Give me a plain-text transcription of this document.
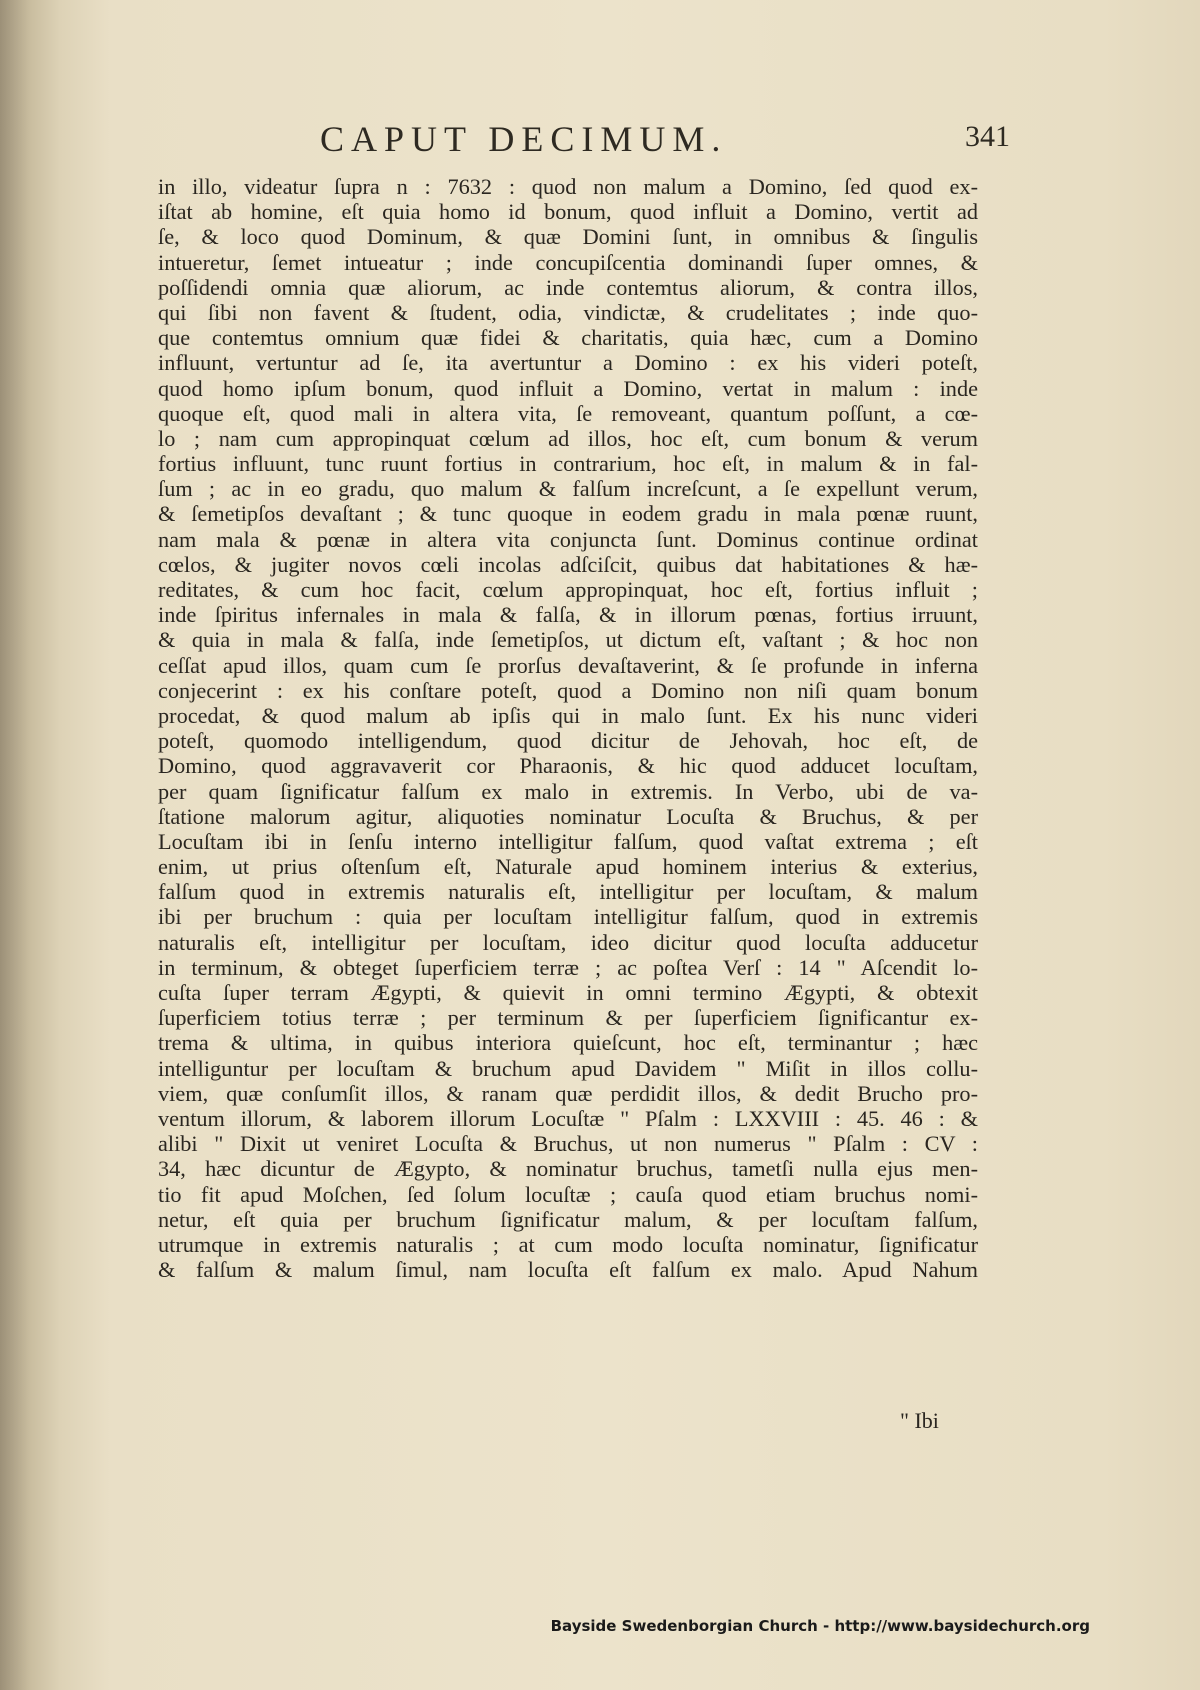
CAPUT DECIMUM.	341
in illo, videatur ſupra n : 7632 : quod non malum a Domino, ſed quod ex-
iſtat ab homine, eſt quia homo id bonum, quod influit a Domino, vertit ad
ſe, & loco quod Dominum, & quæ Domini ſunt, in omnibus & ſingulis
intueretur, ſemet intueatur ; inde concupiſcentia dominandi ſuper omnes, &
poſſidendi omnia quæ aliorum, ac inde contemtus aliorum, & contra illos,
qui ſibi non favent & ſtudent, odia, vindictæ, & crudelitates ; inde quo-
que contemtus omnium quæ fidei & charitatis, quia hæc, cum a Domino
influunt, vertuntur ad ſe, ita avertuntur a Domino : ex his videri poteſt,
quod homo ipſum bonum, quod influit a Domino, vertat in malum : inde
quoque eſt, quod mali in altera vita, ſe removeant, quantum poſſunt, a cœ-
lo ; nam cum appropinquat cœlum ad illos, hoc eſt, cum bonum & verum
fortius influunt, tunc ruunt fortius in contrarium, hoc eſt, in malum & in fal-
ſum ; ac in eo gradu, quo malum & falſum increſcunt, a ſe expellunt verum,
& ſemetipſos devaſtant ; & tunc quoque in eodem gradu in mala pœnæ ruunt,
nam mala & pœnæ in altera vita conjuncta ſunt. Dominus continue ordinat
cœlos, & jugiter novos cœli incolas adſciſcit, quibus dat habitationes & hæ-
reditates, & cum hoc facit, cœlum appropinquat, hoc eſt, fortius influit ;
inde ſpiritus infernales in mala & falſa, & in illorum pœnas, fortius irruunt,
& quia in mala & falſa, inde ſemetipſos, ut dictum eſt, vaſtant ; & hoc non
ceſſat apud illos, quam cum ſe prorſus devaſtaverint, & ſe profunde in inferna
conjecerint : ex his conſtare poteſt, quod a Domino non niſi quam bonum
procedat, & quod malum ab ipſis qui in malo ſunt. Ex his nunc videri
poteſt, quomodo intelligendum, quod dicitur de Jehovah, hoc eſt, de
Domino, quod aggravaverit cor Pharaonis, & hic quod adducet locuſtam,
per quam ſignificatur falſum ex malo in extremis. In Verbo, ubi de va-
ſtatione malorum agitur, aliquoties nominatur Locuſta & Bruchus, & per
Locuſtam ibi in ſenſu interno intelligitur falſum, quod vaſtat extrema ; eſt
enim, ut prius oſtenſum eſt, Naturale apud hominem interius & exterius,
falſum quod in extremis naturalis eſt, intelligitur per locuſtam, & malum
ibi per bruchum : quia per locuſtam intelligitur falſum, quod in extremis
naturalis eſt, intelligitur per locuſtam, ideo dicitur quod locuſta adducetur
in terminum, & obteget ſuperficiem terræ ; ac poſtea Verſ : 14 " Aſcendit lo-
cuſta ſuper terram Ægypti, & quievit in omni termino Ægypti, & obtexit
ſuperficiem totius terræ ; per terminum & per ſuperficiem ſignificantur ex-
trema & ultima, in quibus interiora quieſcunt, hoc eſt, terminantur ; hæc
intelliguntur per locuſtam & bruchum apud Davidem " Miſit in illos collu-
viem, quæ conſumſit illos, & ranam quæ perdidit illos, & dedit Brucho pro-
ventum illorum, & laborem illorum Locuſtæ " Pſalm : LXXVIII : 45. 46 : &
alibi " Dixit ut veniret Locuſta & Bruchus, ut non numerus " Pſalm : CV :
34, hæc dicuntur de Ægypto, & nominatur bruchus, tametſi nulla ejus men-
tio fit apud Moſchen, ſed ſolum locuſtæ ; cauſa quod etiam bruchus nomi-
netur, eſt quia per bruchum ſignificatur malum, & per locuſtam falſum,
utrumque in extremis naturalis ; at cum modo locuſta nominatur, ſignificatur
& falſum & malum ſimul, nam locuſta eſt falſum ex malo. Apud Nahum
" Ibi
Bayside Swedenborgian Church - http://www.baysidechurch.org
